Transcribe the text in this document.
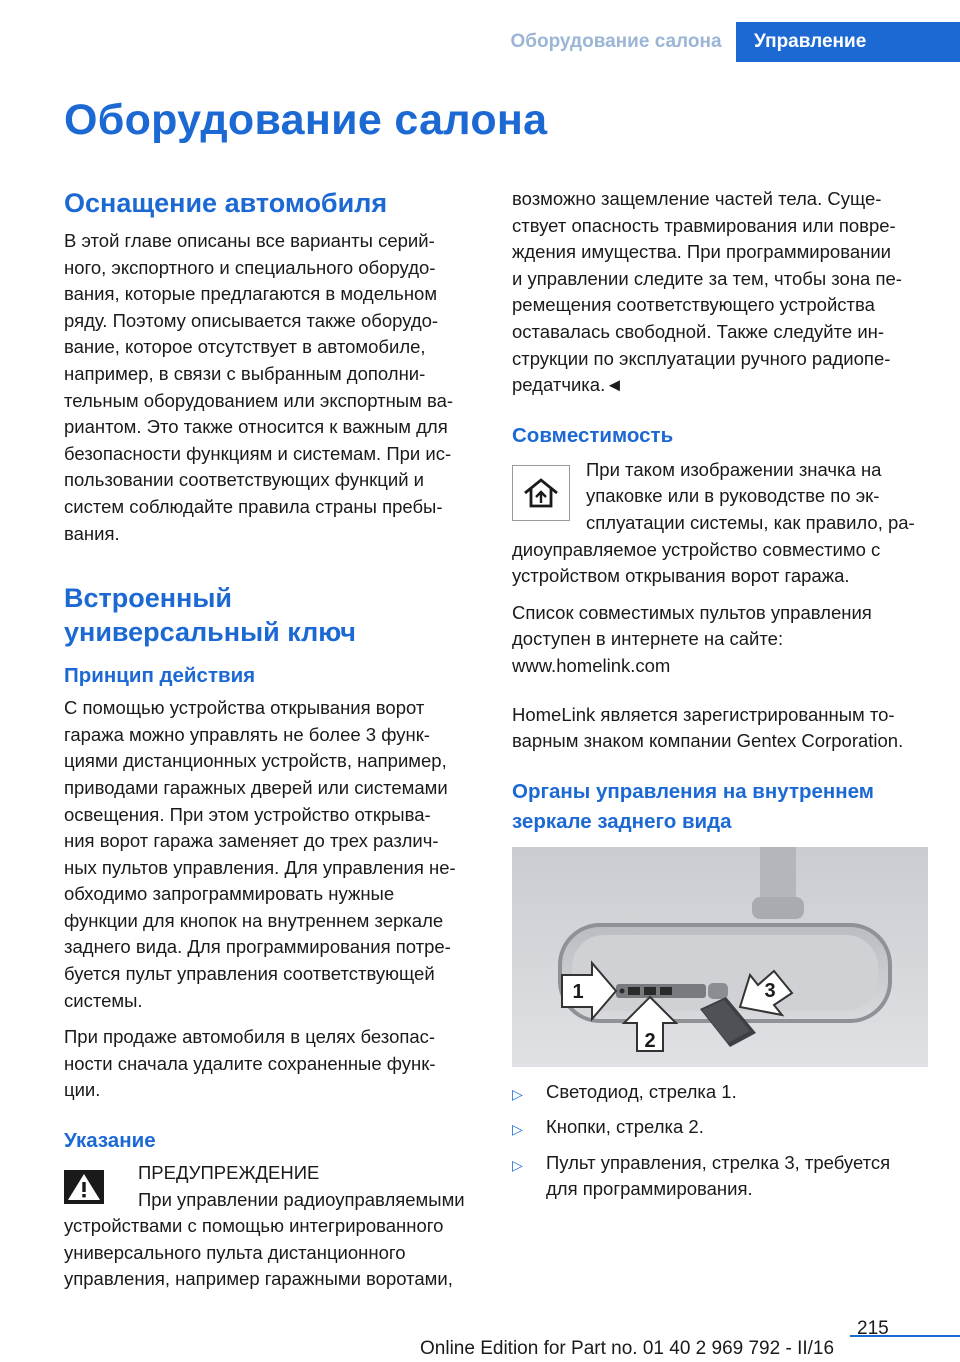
Оборудование салона	Управление
Оборудование салона
Оснащение автомобиля

В этой главе описаны все варианты серий-
ного, экспортного и специального оборудо-
вания, которые предлагаются в модельном
ряду. Поэтому описывается также оборудо-
вание, которое отсутствует в автомобиле,
например, в связи с выбранным дополни-
тельным оборудованием или экспортным ва-
риантом. Это также относится к важным для
безопасности функциям и системам. При ис-
пользовании соответствующих функций и
систем соблюдайте правила страны пребы-
вания.

Встроенный
универсальный ключ
Принцип действия

С помощью устройства открывания ворот
гаража можно управлять не более 3 функ-
циями дистанционных устройств, например,
приводами гаражных дверей или системами
освещения. При этом устройство открыва-
ния ворот гаража заменяет до трех различ-
ных пультов управления. Для управления не-
обходимо запрограммировать нужные
функции для кнопок на внутреннем зеркале
заднего вида. Для программирования потре-
буется пульт управления соответствующей
системы.

При продаже автомобиля в целях безопас-
ности сначала удалите сохраненные функ-
ции.

Указание

ПРЕДУПРЕЖДЕНИЕ
При управлении радиоуправляемыми
устройствами с помощью интегрированного
универсального пульта дистанционного
управления, например гаражными воротами,

возможно защемление частей тела. Суще-
ствует опасность травмирования или повре-
ждения имущества. При программировании
и управлении следите за тем, чтобы зона пе-
ремещения соответствующего устройства
оставалась свободной. Также следуйте ин-
струкции по эксплуатации ручного радиопе-
редатчика.◄

Совместимость

При таком изображении значка на
упаковке или в руководстве по эк-
сплуатации системы, как правило, ра-
диоуправляемое устройство совместимо с
устройством открывания ворот гаража.

Список совместимых пультов управления
доступен в интернете на сайте:
www.homelink.com

HomeLink является зарегистрированным то-
варным знаком компании Gentex Corporation.

Органы управления на внутреннем
зеркале заднего вида
1
2
3
▷	Светодиод, стрелка 1.
▷	Кнопки, стрелка 2.
▷	Пульт управления, стрелка 3, требуется
для программирования.
215
Online Edition for Part no. 01 40 2 969 792 - II/16
